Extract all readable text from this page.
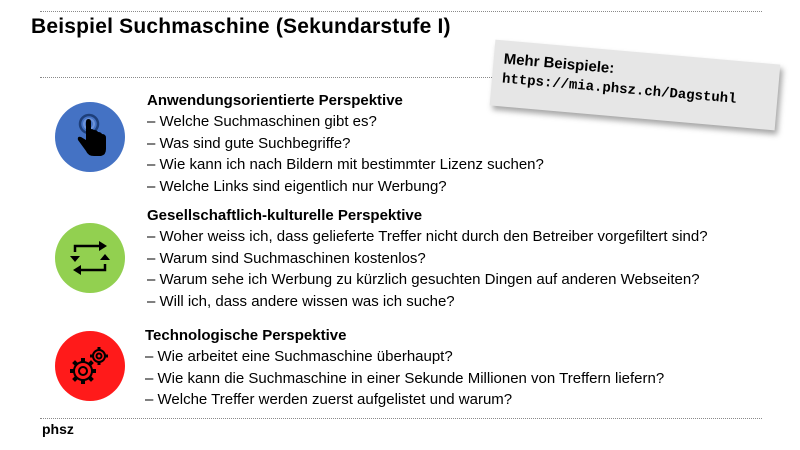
Beispiel Suchmaschine (Sekundarstufe I)
Mehr Beispiele:
https://mia.phsz.ch/Dagstuhl
Anwendungsorientierte Perspektive
– Welche Suchmaschinen gibt es?
– Was sind gute Suchbegriffe?
– Wie kann ich nach Bildern mit bestimmter Lizenz suchen?
– Welche Links sind eigentlich nur Werbung?
Gesellschaftlich-kulturelle Perspektive
– Woher weiss ich, dass gelieferte Treffer nicht durch den Betreiber vorgefiltert sind?
– Warum sind Suchmaschinen kostenlos?
– Warum sehe ich Werbung zu kürzlich gesuchten Dingen auf anderen Webseiten?
– Will ich, dass andere wissen was ich suche?
Technologische Perspektive
– Wie arbeitet eine Suchmaschine überhaupt?
– Wie kann die Suchmaschine in einer Sekunde Millionen von Treffern liefern?
– Welche Treffer werden zuerst aufgelistet und warum?
phsz
